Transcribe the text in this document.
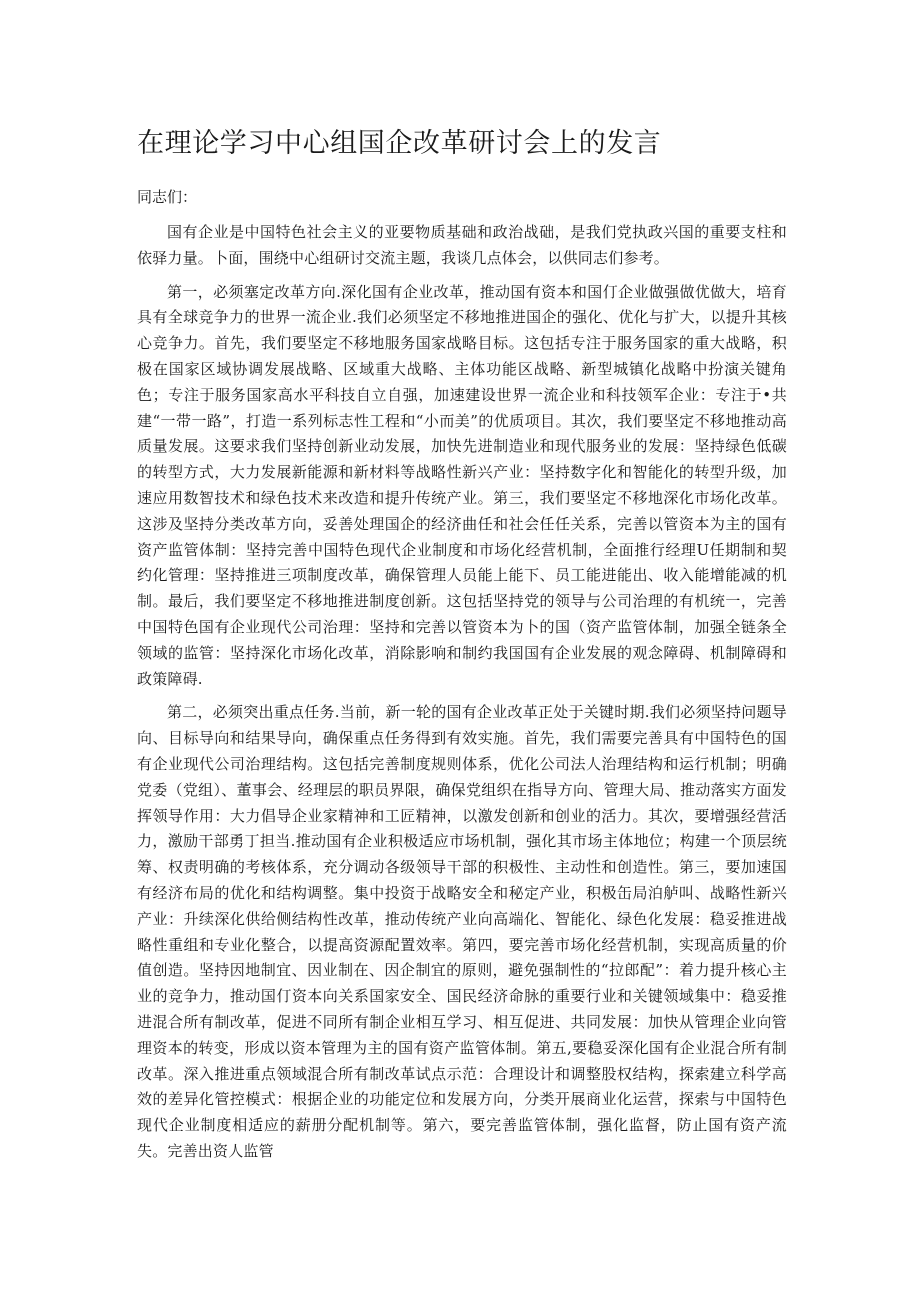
在理论学习中心组国企改革研讨会上的发言

同志们：

国有企业是中国特色社会主义的亚要物质基础和政治战础，是我们党执政兴国的重要支柱和依驿力量。卜面，围绕中心组研讨交流主题，我谈几点体会，以供同志们参考。

第一，必须塞定改革方向.深化国有企业改革，推动国有资本和国仃企业做强做优做大，培育具有全球竞争力的世界一流企业.我们必须坚定不移地推进国企的强化、优化与扩大，以提升其核心竞争力。首先，我们要坚定不移地服务国家战略目标。这包括专注于服务国家的重大战略，积极在国家区域协调发展战略、区域重大战略、主体功能区战略、新型城镇化战略中扮演关键角色；专注于服务国家高水平科技自立自强，加速建设世界一流企业和科技领军企业：专注于•共建“一带一路”，打造一系列标志性工程和“小而美”的优质项目。其次，我们要坚定不移地推动高质量发展。这要求我们坚持创新业动发展，加快先进制造业和现代服务业的发展：坚持绿色低碳的转型方式，大力发展新能源和新材料等战略性新兴产业：坚持数字化和智能化的转型升级，加速应用数智技术和绿色技术来改造和提升传统产业。第三，我们要坚定不移地深化市场化改革。这涉及坚持分类改革方向，妥善处理国企的经济曲任和社会任任关系，完善以管资本为主的国有资产监管体制：坚持完善中国特色现代企业制度和市场化经营机制，全面推行经理U任期制和契约化管理：坚持推进三项制度改革，确保管理人员能上能下、员工能进能出、收入能增能减的机制。最后，我们要坚定不移地推进制度创新。这包括坚持党的领导与公司治理的有机统一，完善中国特色国有企业现代公司治理：坚持和完善以管资本为卜的国（资产监管体制，加强全链条全领域的监管：坚持深化市场化改革，消除影响和制约我国国有企业发展的观念障碍、机制障碍和政策障碍.

第二，必须突出重点任务.当前，新一轮的国有企业改革正处于关键时期.我们必须坚持问题导向、目标导向和结果导向，确保重点任务得到有效实施。首先，我们需要完善具有中国特色的国有企业现代公司治理结构。这包括完善制度规则体系，优化公司法人治理结构和运行机制；明确党委（党组）、董事会、经理层的职员界限，确保党组织在指导方向、管理大局、推动落实方面发挥领导作用：大力倡导企业家精神和工匠精神，以激发创新和创业的活力。其次，要增强经营活力，激励干部勇丁担当.推动国有企业积极适应市场机制，强化其市场主体地位；构建一个顶层统筹、权责明确的考核体系，充分调动各级领导干部的积极性、主动性和创造性。第三，要加速国有经济布局的优化和结构调整。集中投资于战略安全和秘定产业，积极缶局泊舻叫、战略性新兴产业：升续深化供给侧结构性改革，推动传统产业向高端化、智能化、绿色化发展：稳妥推进战略性重组和专业化整合，以提高资源配置效率。第四，要完善市场化经营机制，实现高质量的价值创造。坚持因地制宜、因业制在、因企制宜的原则，避免强制性的“拉郎配”：着力提升核心主业的竞争力，推动国仃资本向关系国家安全、国民经济命脉的重要行业和关键领域集中：稳妥推进混合所有制改革，促进不同所有制企业相互学习、相互促进、共同发展：加快从管理企业向管理资本的转变，形成以资本管理为主的国有资产监管体制。第五,要稳妥深化国有企业混合所有制改革。深入推进重点领域混合所有制改革试点示范：合理设计和调整股权结构，探索建立科学高效的差异化管控模式：根据企业的功能定位和发展方向，分类开展商业化运营，探索与中国特色现代企业制度相适应的薪册分配机制等。第六，要完善监管体制，强化监督，防止国有资产流失。完善出资人监管
